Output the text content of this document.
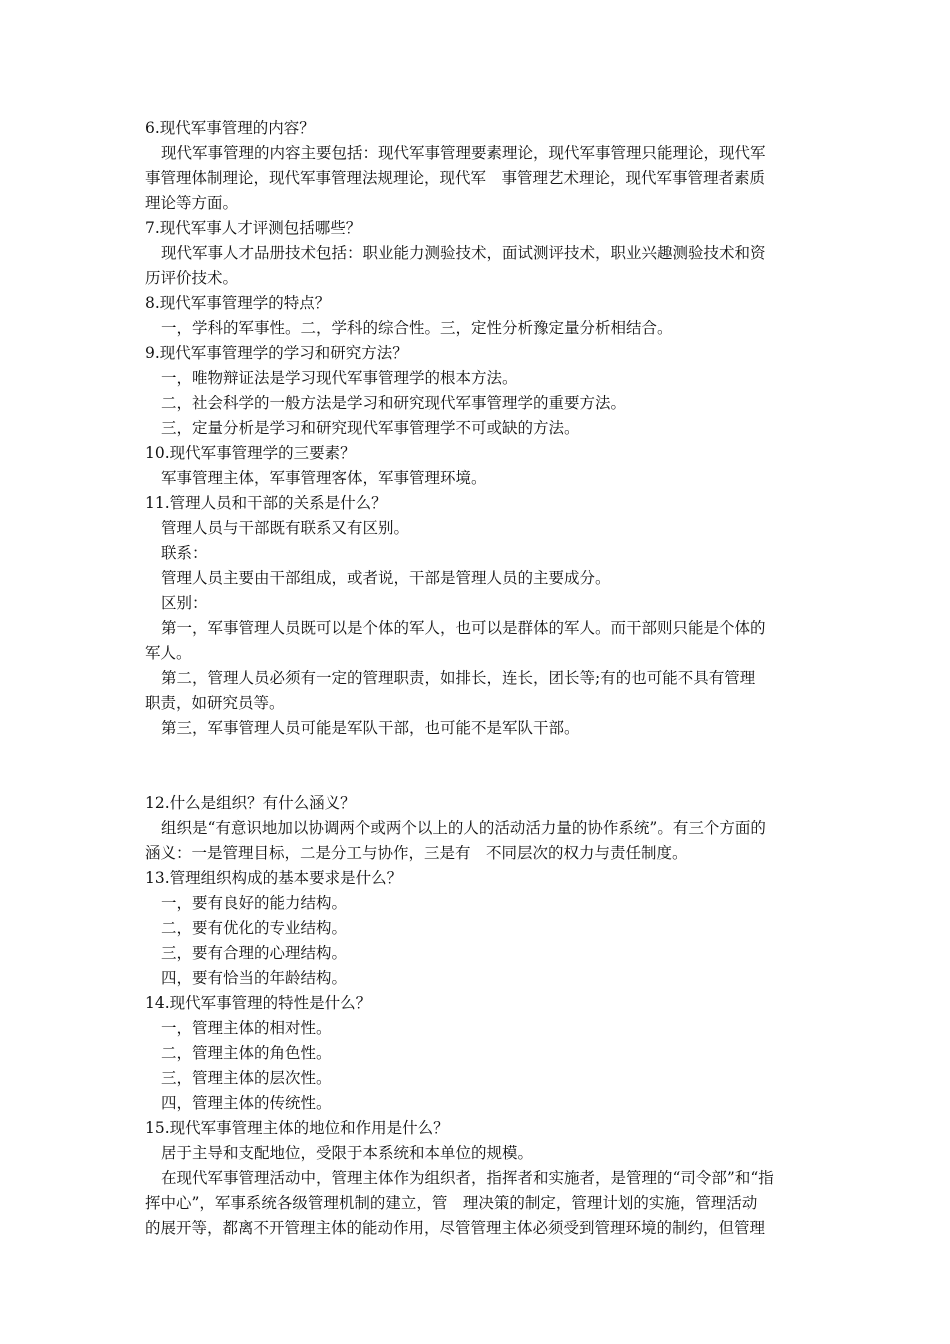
6.现代军事管理的内容？
现代军事管理的内容主要包括：现代军事管理要素理论，现代军事管理只能理论，现代军
事管理体制理论，现代军事管理法规理论，现代军　事管理艺术理论，现代军事管理者素质
理论等方面。
7.现代军事人才评测包括哪些？
现代军事人才品册技术包括：职业能力测验技术，面试测评技术，职业兴趣测验技术和资
历评价技术。
8.现代军事管理学的特点？
一，学科的军事性。二，学科的综合性。三，定性分析豫定量分析相结合。
9.现代军事管理学的学习和研究方法？
一，唯物辩证法是学习现代军事管理学的根本方法。
二，社会科学的一般方法是学习和研究现代军事管理学的重要方法。
三，定量分析是学习和研究现代军事管理学不可或缺的方法。
10.现代军事管理学的三要素？
军事管理主体，军事管理客体，军事管理环境。
11.管理人员和干部的关系是什么？
管理人员与干部既有联系又有区别。
联系：
管理人员主要由干部组成，或者说，干部是管理人员的主要成分。
区别：
第一，军事管理人员既可以是个体的军人，也可以是群体的军人。而干部则只能是个体的
军人。
第二，管理人员必须有一定的管理职责，如排长，连长，团长等;有的也可能不具有管理
职责，如研究员等。
第三，军事管理人员可能是军队干部，也可能不是军队干部。
12.什么是组织？有什么涵义？
组织是“有意识地加以协调两个或两个以上的人的活动活力量的协作系统”。有三个方面的
涵义：一是管理目标，二是分工与协作，三是有　不同层次的权力与责任制度。
13.管理组织构成的基本要求是什么？
一，要有良好的能力结构。
二，要有优化的专业结构。
三，要有合理的心理结构。
四，要有恰当的年龄结构。
14.现代军事管理的特性是什么？
一，管理主体的相对性。
二，管理主体的角色性。
三，管理主体的层次性。
四，管理主体的传统性。
15.现代军事管理主体的地位和作用是什么？
居于主导和支配地位，受限于本系统和本单位的规模。
在现代军事管理活动中，管理主体作为组织者，指挥者和实施者，是管理的“司令部”和“指
挥中心”，军事系统各级管理机制的建立，管　理决策的制定，管理计划的实施，管理活动
的展开等，都离不开管理主体的能动作用，尽管管理主体必须受到管理环境的制约，但管理
